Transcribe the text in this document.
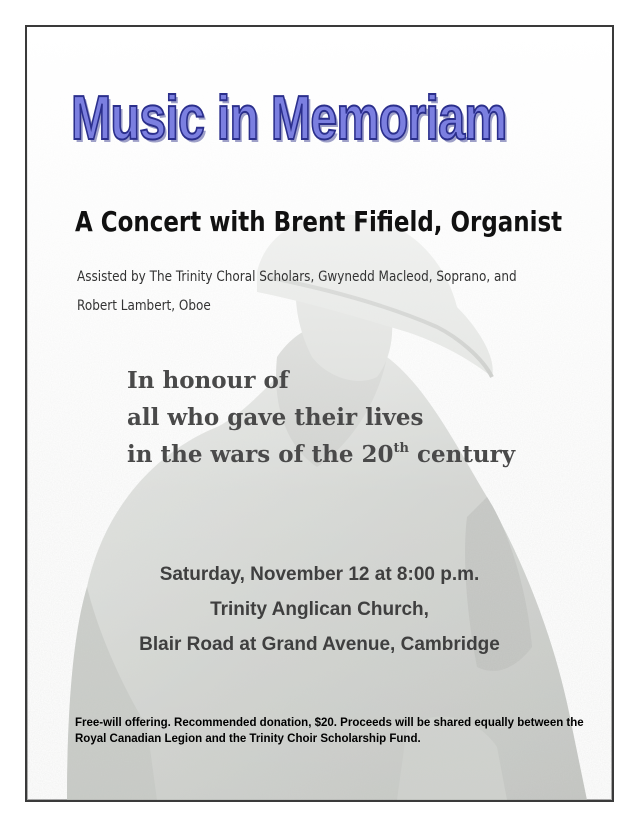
Music in Memoriam
A Concert with Brent Fifield, Organist

Assisted by The Trinity Choral Scholars, Gwynedd Macleod, Soprano, and Robert Lambert, Oboe

In honour of
all who gave their lives
in the wars of the 20th century
Saturday, November 12 at 8:00 p.m.
Trinity Anglican Church,
Blair Road at Grand Avenue, Cambridge

Free-will offering. Recommended donation, $20. Proceeds will be shared equally between the Royal Canadian Legion and the Trinity Choir Scholarship Fund.
